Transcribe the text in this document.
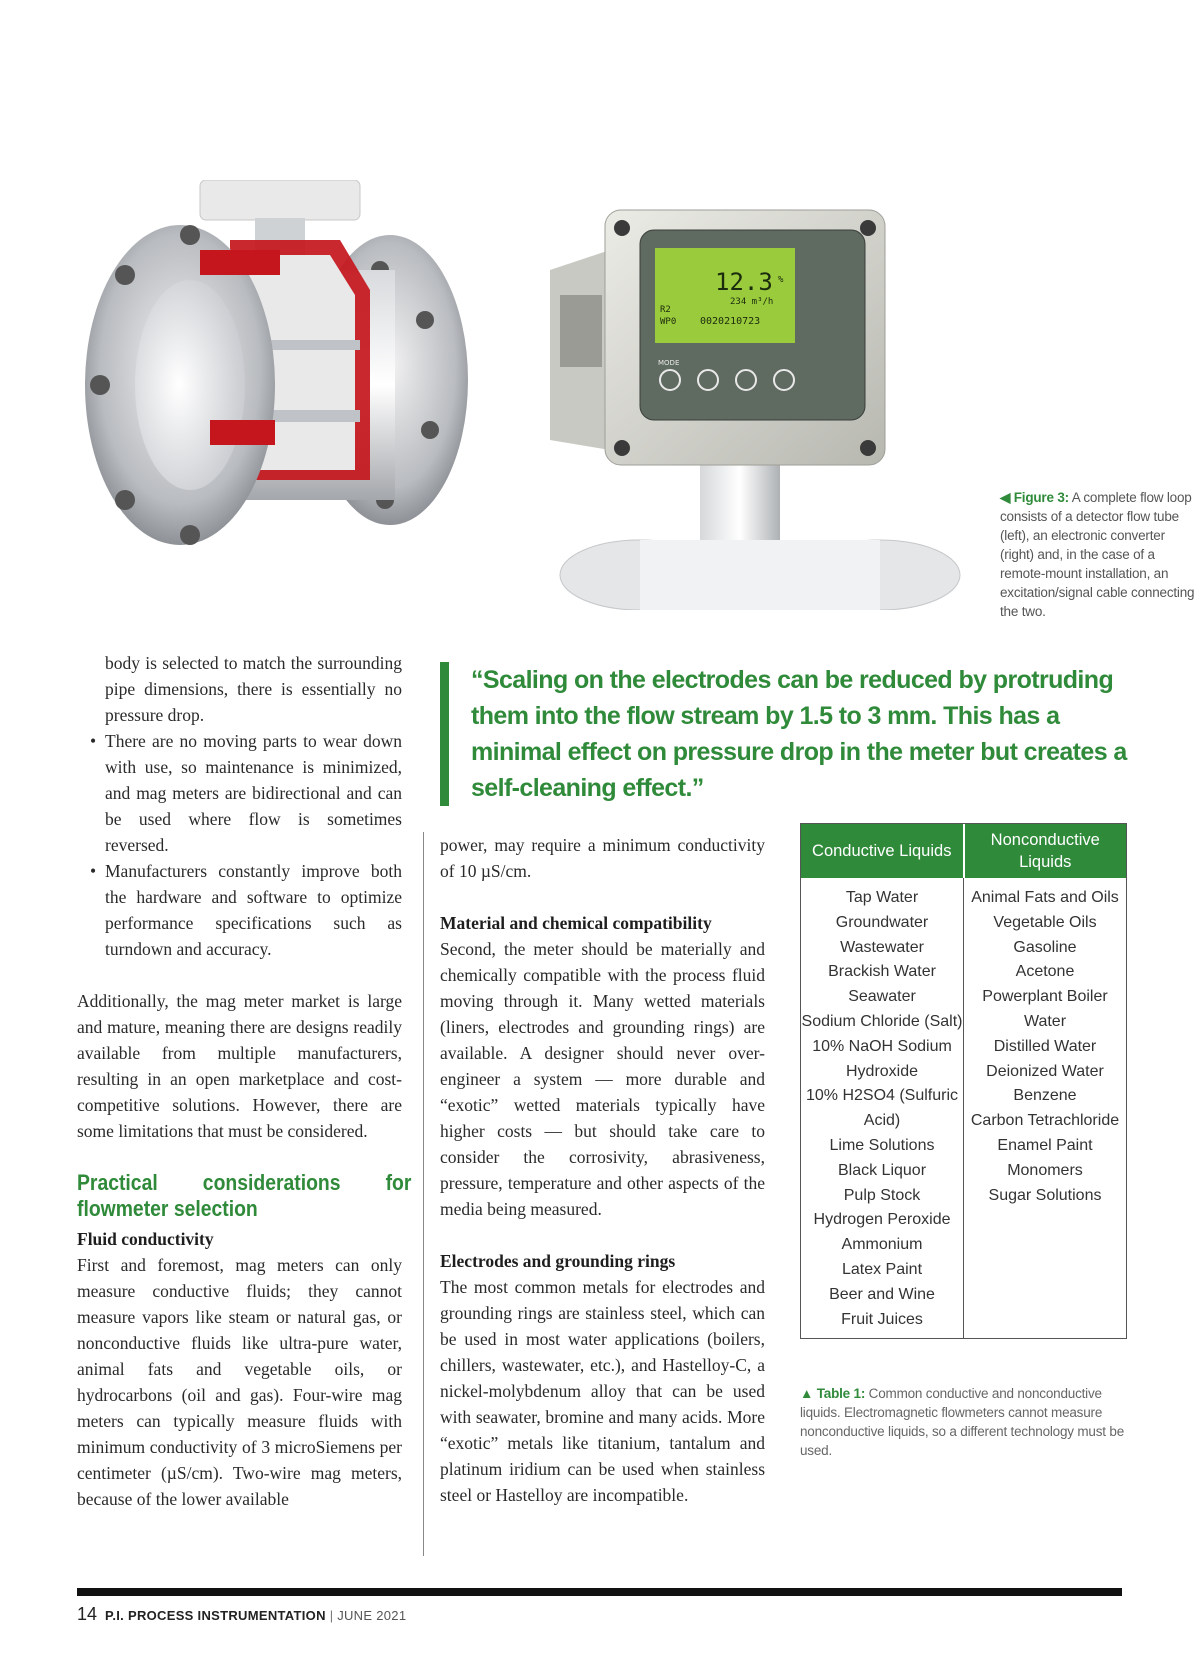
12.3 %
234 m³/h
R2
WP0 0020210723
MODE
◀ Figure 3: A complete flow loop consists of a detector flow tube (left), an electronic converter (right) and, in the case of a remote-mount installation, an excitation/signal cable connecting the two.

body is selected to match the surrounding pipe dimensions, there is essentially no pressure drop.

• There are no moving parts to wear down with use, so maintenance is minimized, and mag meters are bidirectional and can be used where flow is sometimes reversed.
• Manufacturers constantly improve both the hardware and software to optimize performance specifications such as turndown and accuracy.

Additionally, the mag meter market is large and mature, meaning there are designs readily available from multiple manufacturers, resulting in an open marketplace and cost-competitive solutions. However, there are some limitations that must be considered.

Practical considerations for flowmeter selection

Fluid conductivity

First and foremost, mag meters can only measure conductive fluids; they cannot measure vapors like steam or natural gas, or nonconductive fluids like ultra-pure water, animal fats and vegetable oils, or hydrocarbons (oil and gas). Four-wire mag meters can typically measure fluids with minimum conductivity of 3 microSiemens per centimeter (µS/cm). Two-wire mag meters, because of the lower available

“Scaling on the electrodes can be reduced by protruding them into the flow stream by 1.5 to 3 mm. This has a minimal effect on pressure drop in the meter but creates a self-cleaning effect.”

power, may require a minimum conductivity of 10 µS/cm.

Material and chemical compatibility

Second, the meter should be materially and chemically compatible with the process fluid moving through it. Many wetted materials (liners, electrodes and grounding rings) are available. A designer should never over-engineer a system — more durable and “exotic” wetted materials typically have higher costs — but should take care to consider the corrosivity, abrasiveness, pressure, temperature and other aspects of the media being measured.

Electrodes and grounding rings

The most common metals for electrodes and grounding rings are stainless steel, which can be used in most water applications (boilers, chillers, wastewater, etc.), and Hastelloy-C, a nickel-molybdenum alloy that can be used with seawater, bromine and many acids. More “exotic” metals like titanium, tantalum and platinum iridium can be used when stainless steel or Hastelloy are incompatible.

Conductive Liquids
Nonconductive Liquids
Tap Water
Groundwater
Wastewater
Brackish Water
Seawater
Sodium Chloride (Salt)
10% NaOH Sodium Hydroxide
10% H2SO4 (Sulfuric Acid)
Lime Solutions
Black Liquor
Pulp Stock
Hydrogen Peroxide
Ammonium
Latex Paint
Beer and Wine
Fruit Juices
Animal Fats and Oils
Vegetable Oils
Gasoline
Acetone
Powerplant Boiler Water
Distilled Water
Deionized Water
Benzene
Carbon Tetrachloride
Enamel Paint
Monomers
Sugar Solutions
▲ Table 1: Common conductive and nonconductive liquids. Electromagnetic flowmeters cannot measure nonconductive liquids, so a different technology must be used.
14 P.I. PROCESS INSTRUMENTATION | JUNE 2021
